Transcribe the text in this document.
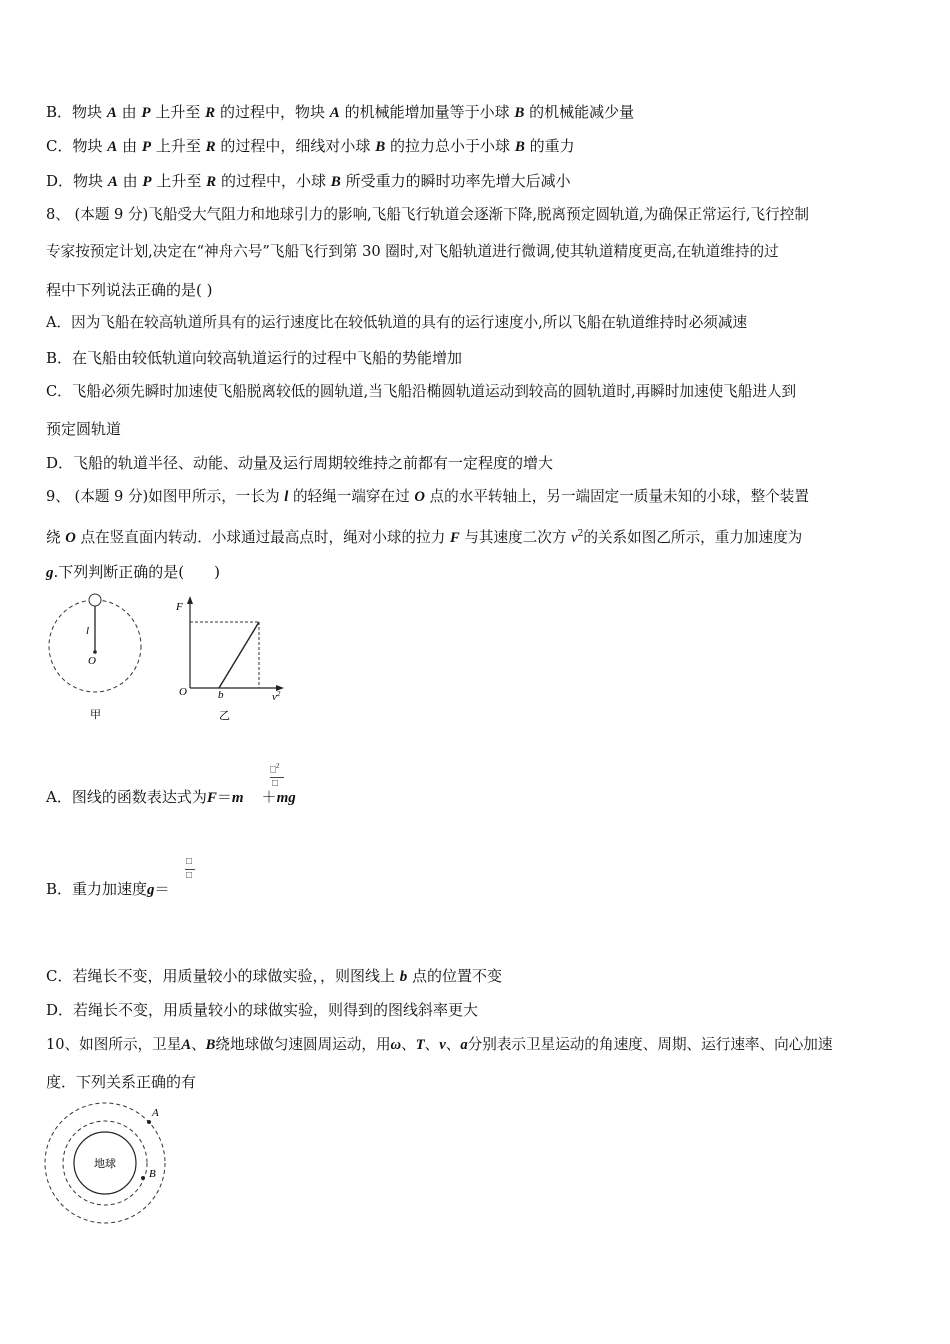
B．物块 A 由 P 上升至 R 的过程中，物块 A 的机械能增加量等于小球 B 的机械能减少量
C．物块 A 由 P 上升至 R 的过程中，细线对小球 B 的拉力总小于小球 B 的重力
D．物块 A 由 P 上升至 R 的过程中，小球 B 所受重力的瞬时功率先增大后减小
8、 (本题 9 分)飞船受大气阻力和地球引力的影响,飞船飞行轨道会逐渐下降,脱离预定圆轨道,为确保正常运行,飞行控制
专家按预定计划,决定在“神舟六号”飞船飞行到第 30 圈时,对飞船轨道进行微调,使其轨道精度更高,在轨道维持的过
程中下列说法正确的是( )
A．因为飞船在较高轨道所具有的运行速度比在较低轨道的具有的运行速度小,所以飞船在轨道维持时必须减速
B．在飞船由较低轨道向较高轨道运行的过程中飞船的势能增加
C．飞船必须先瞬时加速使飞船脱离较低的圆轨道,当飞船沿椭圆轨道运动到较高的圆轨道时,再瞬时加速使飞船进人到
预定圆轨道
D．飞船的轨道半径、动能、动量及运行周期较维持之前都有一定程度的增大
9、 (本题 9 分)如图甲所示，一长为 l 的轻绳一端穿在过 O 点的水平转轴上，另一端固定一质量未知的小球，整个装置
绕 O 点在竖直面内转动．小球通过最高点时，绳对小球的拉力 F 与其速度二次方 $v^2$的关系如图乙所示，重力加速度为
g.下列判断正确的是(　　)
l
O
甲
F
O	b	$v^2$
乙
□$^2$
□
A．图线的函数表达式为F＝m ＋mg
□
□
B．重力加速度g＝
C．若绳长不变，用质量较小的球做实验，，则图线上 b 点的位置不变
D．若绳长不变，用质量较小的球做实验，则得到的图线斜率更大
10、如图所示，卫星A、B绕地球做匀速圆周运动，用ω、T、v、a分别表示卫星运动的角速度、周期、运行速率、向心加速
度．下列关系正确的有
地球
A
B
